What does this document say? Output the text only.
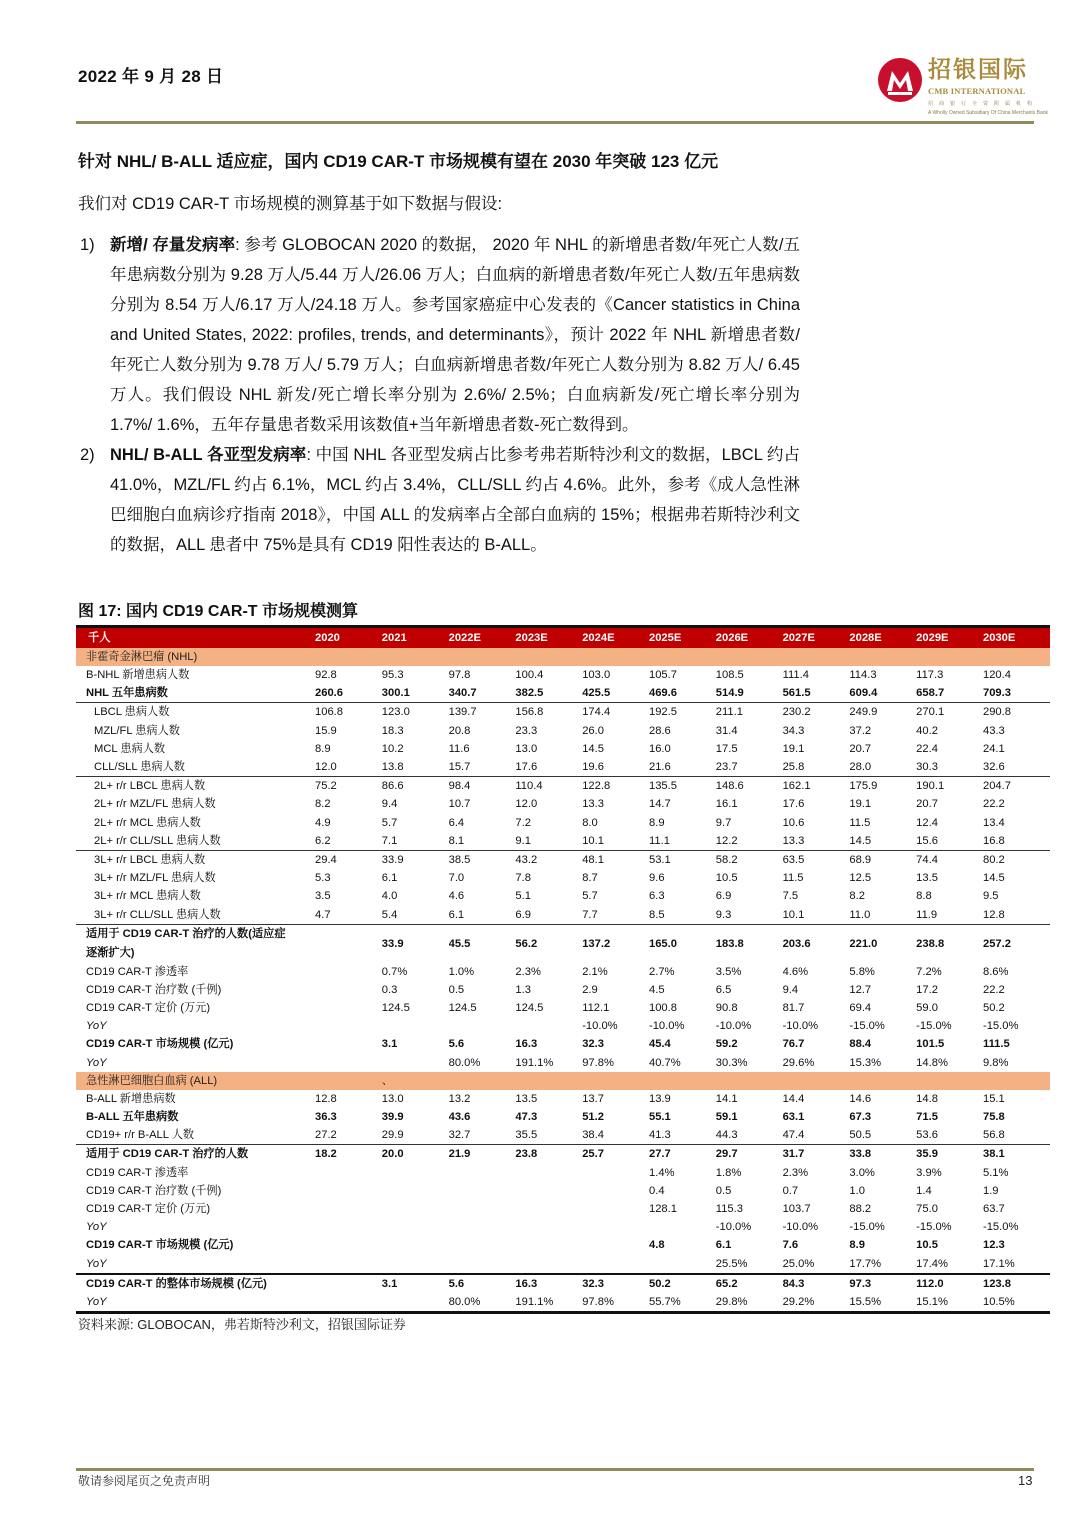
2022 年 9 月 28 日	招银国际
CMB INTERNATIONAL
招商银行全资附属机构
A Wholly Owned Subsidiary Of China Merchants Bank
针对 NHL/ B-ALL 适应症，国内 CD19 CAR-T 市场规模有望在 2030 年突破 123 亿元
我们对 CD19 CAR-T 市场规模的测算基于如下数据与假设:
1) 新增/ 存量发病率: 参考 GLOBOCAN 2020 的数据， 2020 年 NHL 的新增患者数/年死亡人数/五年患病数分别为 9.28 万人/5.44 万人/26.06 万人；白血病的新增患者数/年死亡人数/五年患病数分别为 8.54 万人/6.17 万人/24.18 万人。参考国家癌症中心发表的《Cancer statistics in China and United States, 2022: profiles, trends, and determinants》，预计 2022 年 NHL 新增患者数/年死亡人数分别为 9.78 万人/ 5.79 万人；白血病新增患者数/年死亡人数分别为 8.82 万人/ 6.45 万人。我们假设 NHL 新发/死亡增长率分别为 2.6%/ 2.5%；白血病新发/死亡增长率分别为 1.7%/ 1.6%，五年存量患者数采用该数值+当年新增患者数-死亡数得到。
2) NHL/ B-ALL 各亚型发病率: 中国 NHL 各亚型发病占比参考弗若斯特沙利文的数据，LBCL 约占 41.0%，MZL/FL 约占 6.1%，MCL 约占 3.4%，CLL/SLL 约占 4.6%。此外，参考《成人急性淋巴细胞白血病诊疗指南 2018》，中国 ALL 的发病率占全部白血病的 15%；根据弗若斯特沙利文的数据，ALL 患者中 75%是具有 CD19 阳性表达的 B-ALL。
图 17: 国内 CD19 CAR-T 市场规模测算
千人	2020	2021	2022E	2023E	2024E	2025E	2026E	2027E	2028E	2029E	2030E
非霍奇金淋巴瘤 (NHL)											
B-NHL 新增患病人数	92.8	95.3	97.8	100.4	103.0	105.7	108.5	111.4	114.3	117.3	120.4
NHL 五年患病数	260.6	300.1	340.7	382.5	425.5	469.6	514.9	561.5	609.4	658.7	709.3
LBCL 患病人数	106.8	123.0	139.7	156.8	174.4	192.5	211.1	230.2	249.9	270.1	290.8
MZL/FL 患病人数	15.9	18.3	20.8	23.3	26.0	28.6	31.4	34.3	37.2	40.2	43.3
MCL 患病人数	8.9	10.2	11.6	13.0	14.5	16.0	17.5	19.1	20.7	22.4	24.1
CLL/SLL 患病人数	12.0	13.8	15.7	17.6	19.6	21.6	23.7	25.8	28.0	30.3	32.6
2L+ r/r LBCL 患病人数	75.2	86.6	98.4	110.4	122.8	135.5	148.6	162.1	175.9	190.1	204.7
2L+ r/r MZL/FL 患病人数	8.2	9.4	10.7	12.0	13.3	14.7	16.1	17.6	19.1	20.7	22.2
2L+ r/r MCL 患病人数	4.9	5.7	6.4	7.2	8.0	8.9	9.7	10.6	11.5	12.4	13.4
2L+ r/r CLL/SLL 患病人数	6.2	7.1	8.1	9.1	10.1	11.1	12.2	13.3	14.5	15.6	16.8
3L+ r/r LBCL 患病人数	29.4	33.9	38.5	43.2	48.1	53.1	58.2	63.5	68.9	74.4	80.2
3L+ r/r MZL/FL 患病人数	5.3	6.1	7.0	7.8	8.7	9.6	10.5	11.5	12.5	13.5	14.5
3L+ r/r MCL 患病人数	3.5	4.0	4.6	5.1	5.7	6.3	6.9	7.5	8.2	8.8	9.5
3L+ r/r CLL/SLL 患病人数	4.7	5.4	6.1	6.9	7.7	8.5	9.3	10.1	11.0	11.9	12.8
适用于 CD19 CAR-T 治疗的人数(适应症逐渐扩大)		33.9	45.5	56.2	137.2	165.0	183.8	203.6	221.0	238.8	257.2
CD19 CAR-T 渗透率		0.7%	1.0%	2.3%	2.1%	2.7%	3.5%	4.6%	5.8%	7.2%	8.6%
CD19 CAR-T 治疗数 (千例)		0.3	0.5	1.3	2.9	4.5	6.5	9.4	12.7	17.2	22.2
CD19 CAR-T 定价 (万元)		124.5	124.5	124.5	112.1	100.8	90.8	81.7	69.4	59.0	50.2
YoY					-10.0%	-10.0%	-10.0%	-10.0%	-15.0%	-15.0%	-15.0%
CD19 CAR-T 市场规模 (亿元)		3.1	5.6	16.3	32.3	45.4	59.2	76.7	88.4	101.5	111.5
YoY			80.0%	191.1%	97.8%	40.7%	30.3%	29.6%	15.3%	14.8%	9.8%
急性淋巴细胞白血病 (ALL)		、									
B-ALL 新增患病数	12.8	13.0	13.2	13.5	13.7	13.9	14.1	14.4	14.6	14.8	15.1
B-ALL 五年患病数	36.3	39.9	43.6	47.3	51.2	55.1	59.1	63.1	67.3	71.5	75.8
CD19+ r/r B-ALL 人数	27.2	29.9	32.7	35.5	38.4	41.3	44.3	47.4	50.5	53.6	56.8
适用于 CD19 CAR-T 治疗的人数	18.2	20.0	21.9	23.8	25.7	27.7	29.7	31.7	33.8	35.9	38.1
CD19 CAR-T 渗透率						1.4%	1.8%	2.3%	3.0%	3.9%	5.1%
CD19 CAR-T 治疗数 (千例)						0.4	0.5	0.7	1.0	1.4	1.9
CD19 CAR-T 定价 (万元)						128.1	115.3	103.7	88.2	75.0	63.7
YoY							-10.0%	-10.0%	-15.0%	-15.0%	-15.0%
CD19 CAR-T 市场规模 (亿元)						4.8	6.1	7.6	8.9	10.5	12.3
YoY							25.5%	25.0%	17.7%	17.4%	17.1%
CD19 CAR-T 的整体市场规模 (亿元)		3.1	5.6	16.3	32.3	50.2	65.2	84.3	97.3	112.0	123.8
YoY			80.0%	191.1%	97.8%	55.7%	29.8%	29.2%	15.5%	15.1%	10.5%
资料来源: GLOBOCAN，弗若斯特沙利文，招银国际证券
敬请参阅尾页之免责声明	13
